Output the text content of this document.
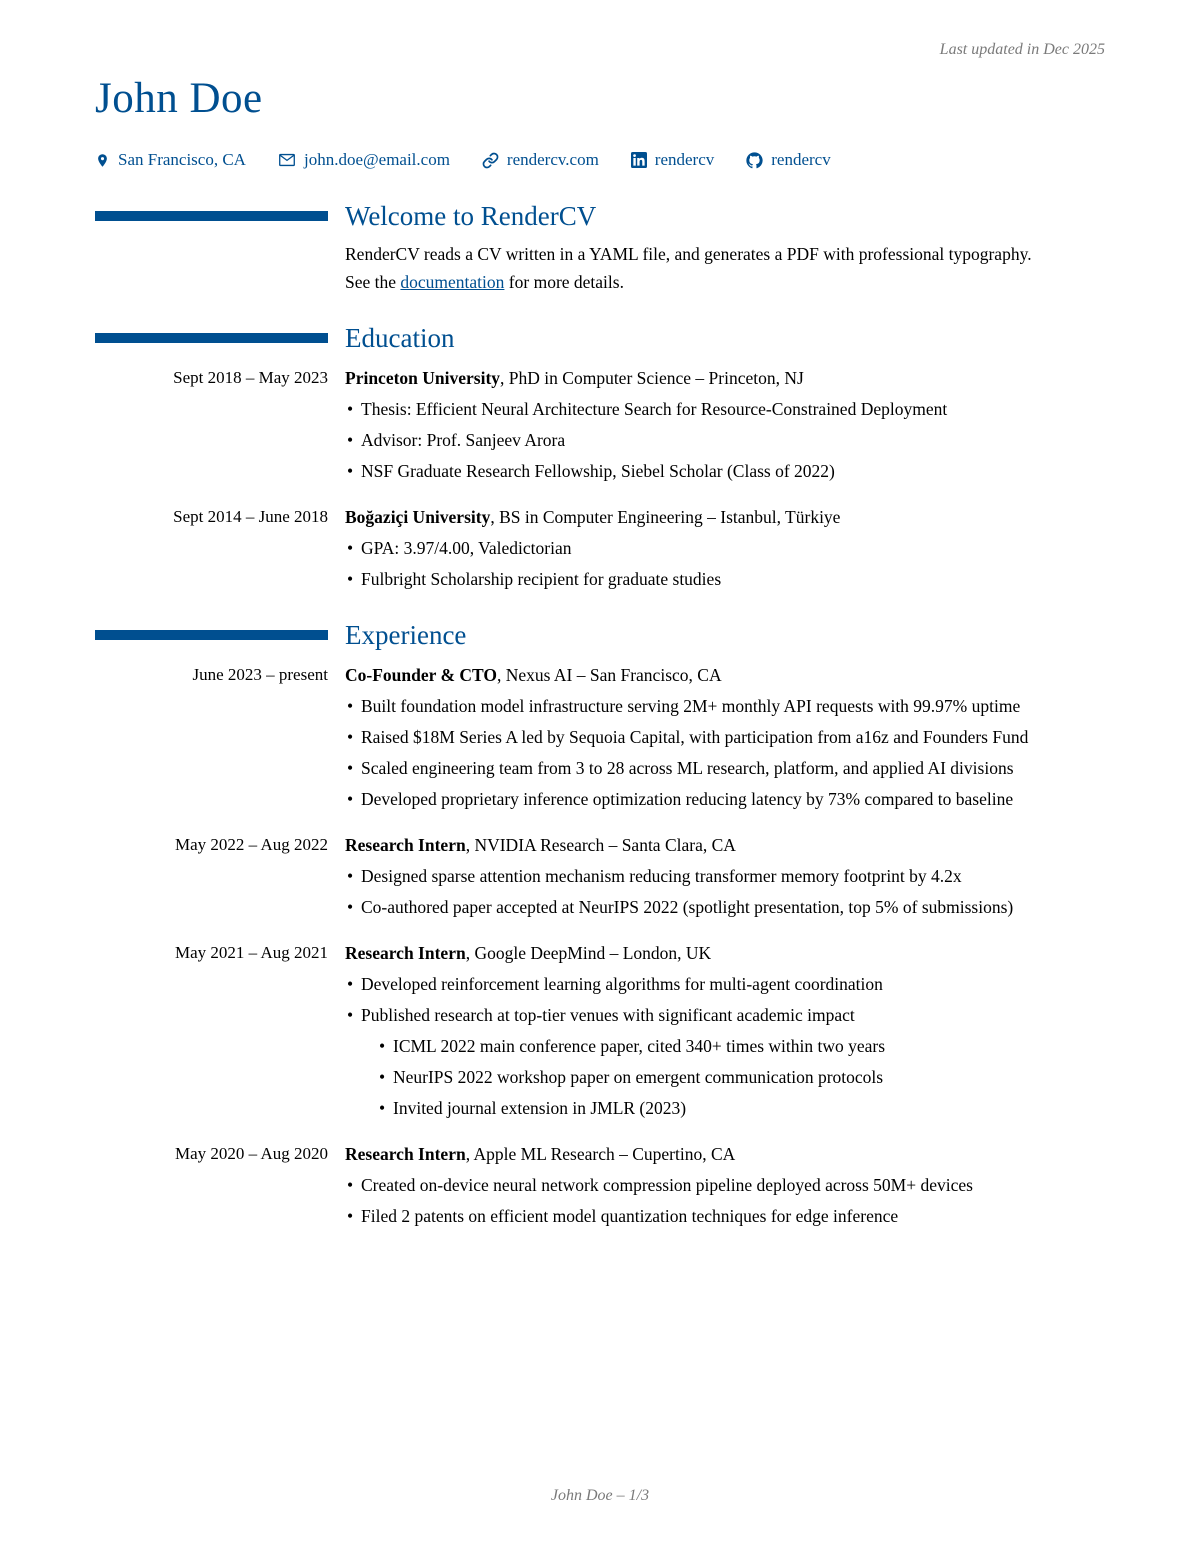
Last updated in Dec 2025
John Doe
San Francisco, CA	john.doe@email.com	rendercv.com	rendercv	rendercv
Welcome to RenderCV

RenderCV reads a CV written in a YAML file, and generates a PDF with professional typography.

See the documentation for more details.

Education
Sept 2018 – May 2023 Princeton University, PhD in Computer Science – Princeton, NJ
• Thesis: Efficient Neural Architecture Search for Resource-Constrained Deployment
• Advisor: Prof. Sanjeev Arora
• NSF Graduate Research Fellowship, Siebel Scholar (Class of 2022)
Sept 2014 – June 2018 Boğaziçi University, BS in Computer Engineering – Istanbul, Türkiye
• GPA: 3.97/4.00, Valedictorian
• Fulbright Scholarship recipient for graduate studies
Experience
June 2023 – present Co-Founder & CTO, Nexus AI – San Francisco, CA
• Built foundation model infrastructure serving 2M+ monthly API requests with 99.97% uptime
• Raised $18M Series A led by Sequoia Capital, with participation from a16z and Founders Fund
• Scaled engineering team from 3 to 28 across ML research, platform, and applied AI divisions
• Developed proprietary inference optimization reducing latency by 73% compared to baseline
May 2022 – Aug 2022 Research Intern, NVIDIA Research – Santa Clara, CA
• Designed sparse attention mechanism reducing transformer memory footprint by 4.2x
• Co-authored paper accepted at NeurIPS 2022 (spotlight presentation, top 5% of submissions)
May 2021 – Aug 2021 Research Intern, Google DeepMind – London, UK
• Developed reinforcement learning algorithms for multi-agent coordination
• Published research at top-tier venues with significant academic impact
• ICML 2022 main conference paper, cited 340+ times within two years
• NeurIPS 2022 workshop paper on emergent communication protocols
• Invited journal extension in JMLR (2023)
May 2020 – Aug 2020 Research Intern, Apple ML Research – Cupertino, CA
• Created on-device neural network compression pipeline deployed across 50M+ devices
• Filed 2 patents on efficient model quantization techniques for edge inference
John Doe – 1/3
